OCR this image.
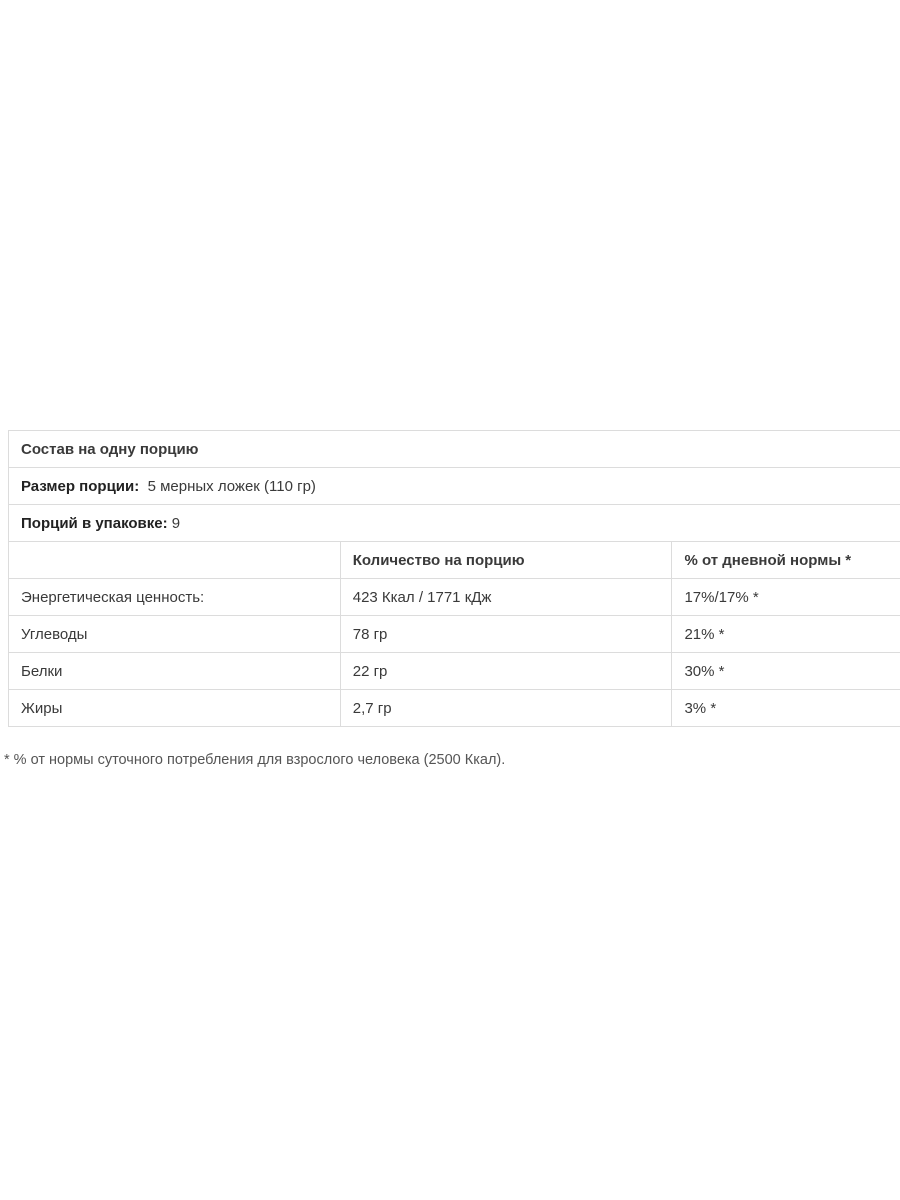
Состав на одну порцию		
Размер порции: 5 мерных ложек (110 гр)		
Порций в упаковке: 9		
	Количество на порцию	% от дневной нормы *
Энергетическая ценность:	423 Ккал / 1771 кДж	17%/17% *
Углеводы	78 гр	21% *
Белки	22 гр	30% *
Жиры	2,7 гр	3% *
* % от нормы суточного потребления для взрослого человека (2500 Ккал).
